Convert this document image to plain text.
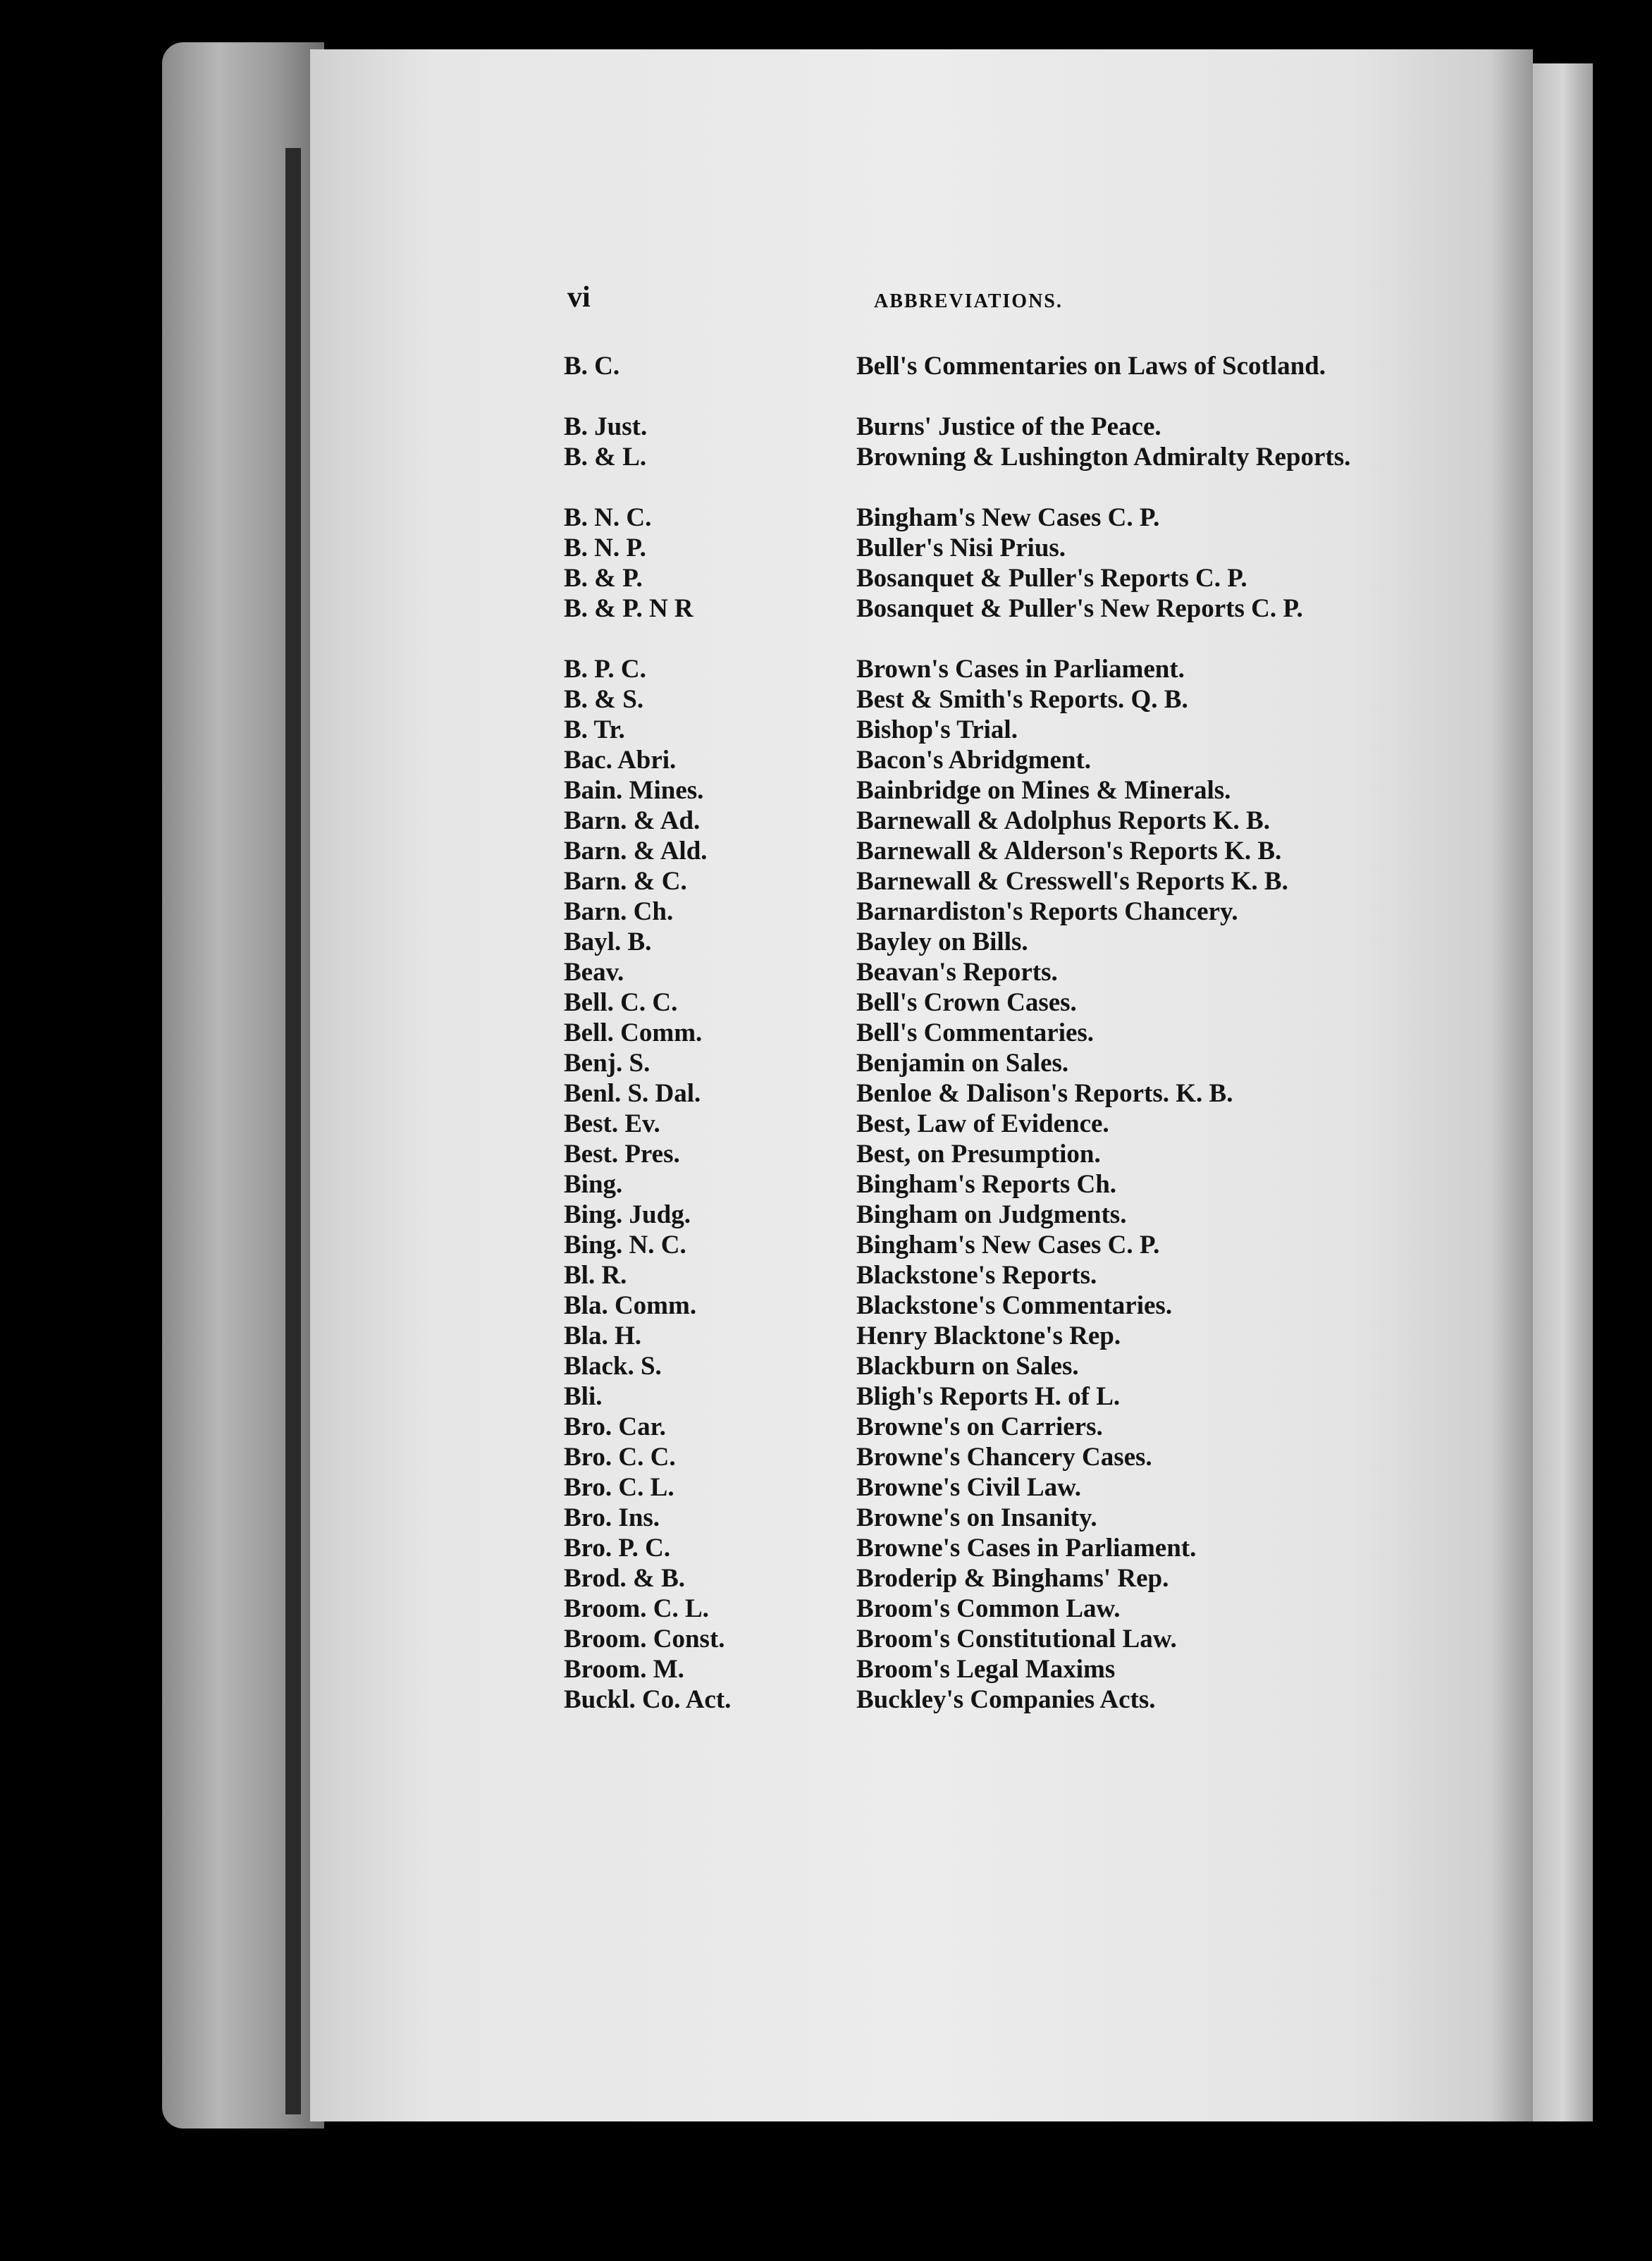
vi	ABBREVIATIONS.
B. C.	Bell's Commentaries on Laws of Scotland.
B. Just.	Burns' Justice of the Peace.
B. & L.	Browning & Lushington Admiralty Reports.
B. N. C.	Bingham's New Cases C. P.
B. N. P.	Buller's Nisi Prius.
B. & P.	Bosanquet & Puller's Reports C. P.
B. & P. N R	Bosanquet & Puller's New Reports C. P.
B. P. C.	Brown's Cases in Parliament.
B. & S.	Best & Smith's Reports. Q. B.
B. Tr.	Bishop's Trial.
Bac. Abri.	Bacon's Abridgment.
Bain. Mines.	Bainbridge on Mines & Minerals.
Barn. & Ad.	Barnewall & Adolphus Reports K. B.
Barn. & Ald.	Barnewall & Alderson's Reports K. B.
Barn. & C.	Barnewall & Cresswell's Reports K. B.
Barn. Ch.	Barnardiston's Reports Chancery.
Bayl. B.	Bayley on Bills.
Beav.	Beavan's Reports.
Bell. C. C.	Bell's Crown Cases.
Bell. Comm.	Bell's Commentaries.
Benj. S.	Benjamin on Sales.
Benl. S. Dal.	Benloe & Dalison's Reports. K. B.
Best. Ev.	Best, Law of Evidence.
Best. Pres.	Best, on Presumption.
Bing.	Bingham's Reports Ch.
Bing. Judg.	Bingham on Judgments.
Bing. N. C.	Bingham's New Cases C. P.
Bl. R.	Blackstone's Reports.
Bla. Comm.	Blackstone's Commentaries.
Bla. H.	Henry Blacktone's Rep.
Black. S.	Blackburn on Sales.
Bli.	Bligh's Reports H. of L.
Bro. Car.	Browne's on Carriers.
Bro. C. C.	Browne's Chancery Cases.
Bro. C. L.	Browne's Civil Law.
Bro. Ins.	Browne's on Insanity.
Bro. P. C.	Browne's Cases in Parliament.
Brod. & B.	Broderip & Binghams' Rep.
Broom. C. L.	Broom's Common Law.
Broom. Const.	Broom's Constitutional Law.
Broom. M.	Broom's Legal Maxims
Buckl. Co. Act.	Buckley's Companies Acts.
